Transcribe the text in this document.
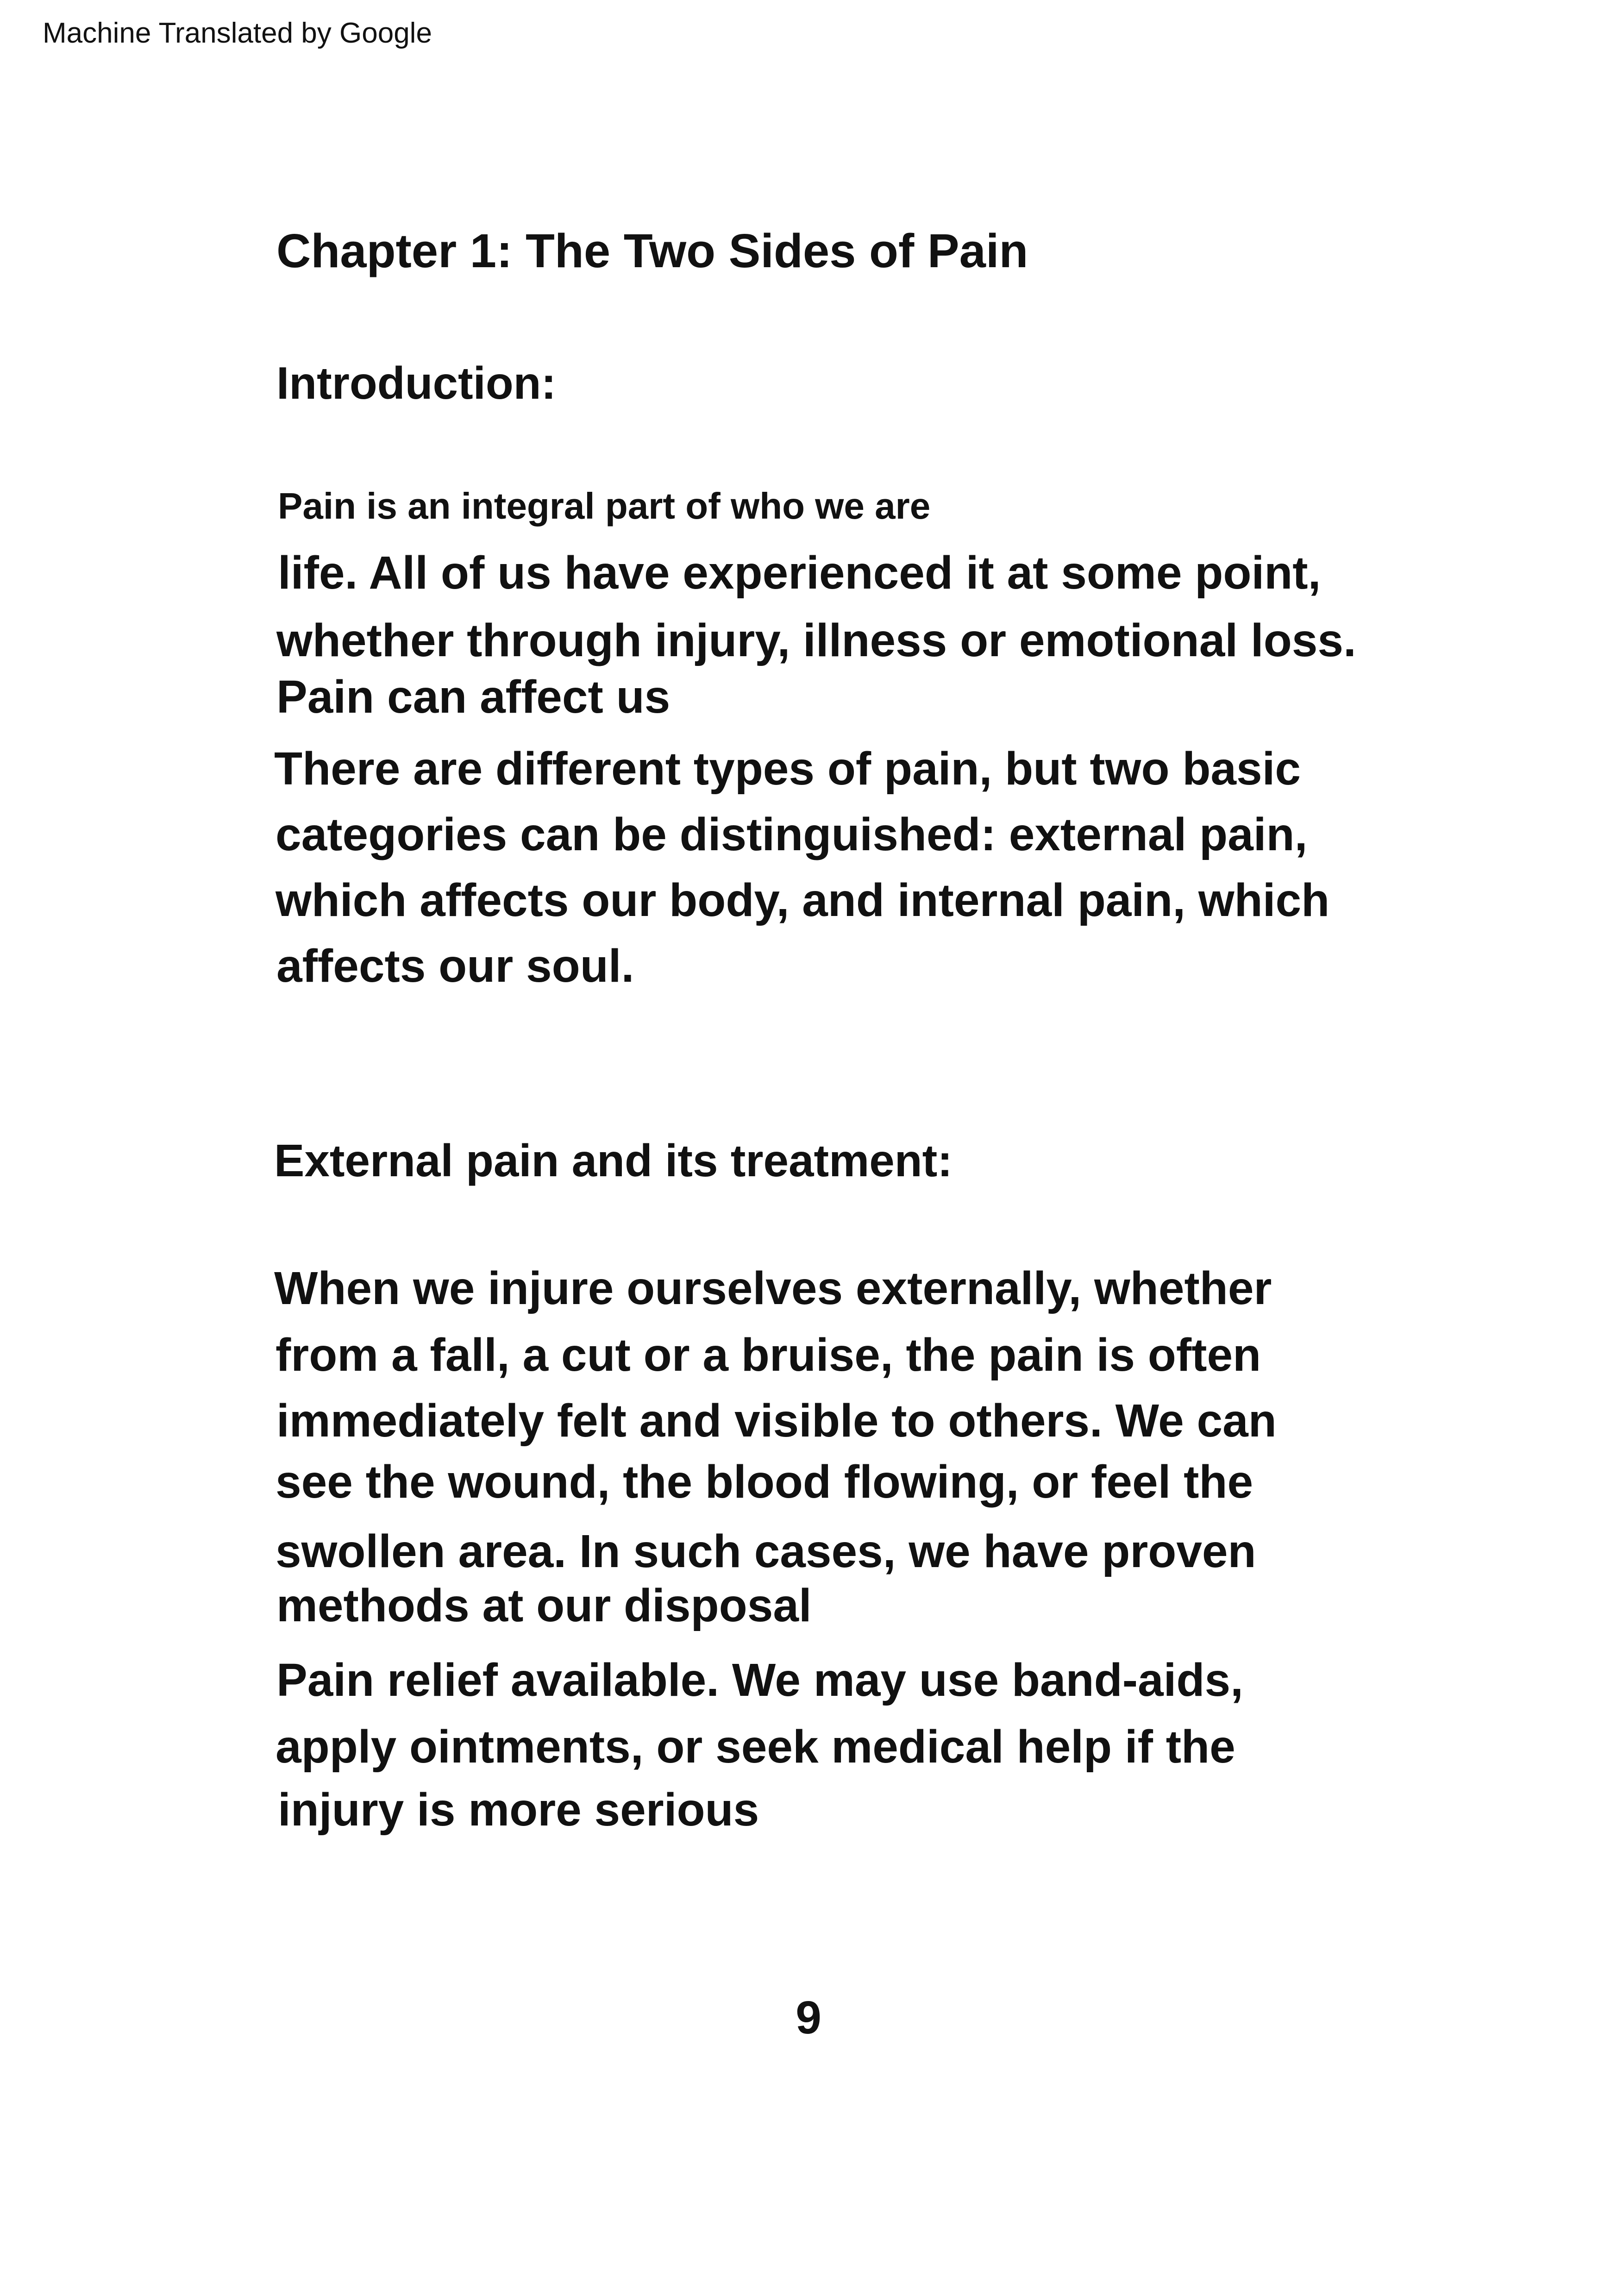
Machine Translated by Google
Chapter 1: The Two Sides of Pain
Introduction:
Pain is an integral part of who we are
life. All of us have experienced it at some point,
whether through injury, illness or emotional loss.
Pain can affect us
There are different types of pain, but two basic
categories can be distinguished: external pain,
which affects our body, and internal pain, which
affects our soul.
External pain and its treatment:
When we injure ourselves externally, whether
from a fall, a cut or a bruise, the pain is often
immediately felt and visible to others. We can
see the wound, the blood flowing, or feel the
swollen area. In such cases, we have proven
methods at our disposal
Pain relief available. We may use band-aids,
apply ointments, or seek medical help if the
injury is more serious
9
